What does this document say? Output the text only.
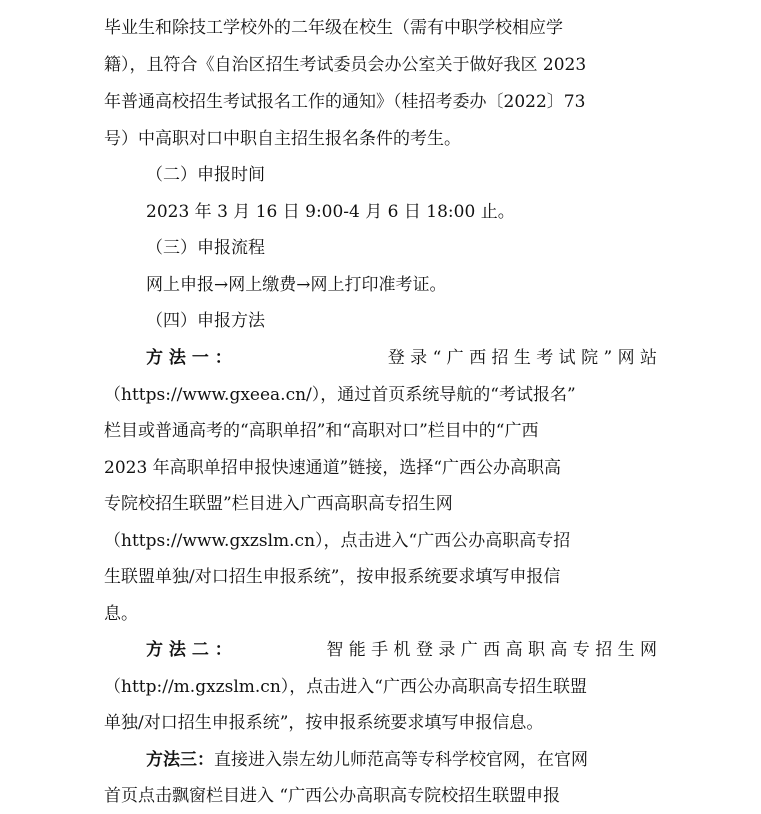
毕业生和除技工学校外的二年级在校生（需有中职学校相应学
籍），且符合《自治区招生考试委员会办公室关于做好我区 2023
年普通高校招生考试报名工作的通知》（桂招考委办〔2022〕73
号）中高职对口中职自主招生报名条件的考生。
（二）申报时间
2023 年 3 月 16 日 9:00-4 月 6 日 18:00 止。
（三）申报流程
网上申报→网上缴费→网上打印准考证。
（四）申报方法
方 法 一 ：	登 录 “ 广 西 招 生 考 试 院 ” 网 站
（https://www.gxeea.cn/），通过首页系统导航的“考试报名”
栏目或普通高考的“高职单招”和“高职对口”栏目中的“广西
2023 年高职单招申报快速通道”链接，选择“广西公办高职高
专院校招生联盟”栏目进入广西高职高专招生网
（https://www.gxzslm.cn），点击进入“广西公办高职高专招
生联盟单独/对口招生申报系统”，按申报系统要求填写申报信
息。
方 法 二 ：	智 能 手 机 登 录 广 西 高 职 高 专 招 生 网
（http://m.gxzslm.cn），点击进入“广西公办高职高专招生联盟
单独/对口招生申报系统”，按申报系统要求填写申报信息。
方法三：直接进入崇左幼儿师范高等专科学校官网，在官网
首页点击飘窗栏目进入 “广西公办高职高专院校招生联盟申报
